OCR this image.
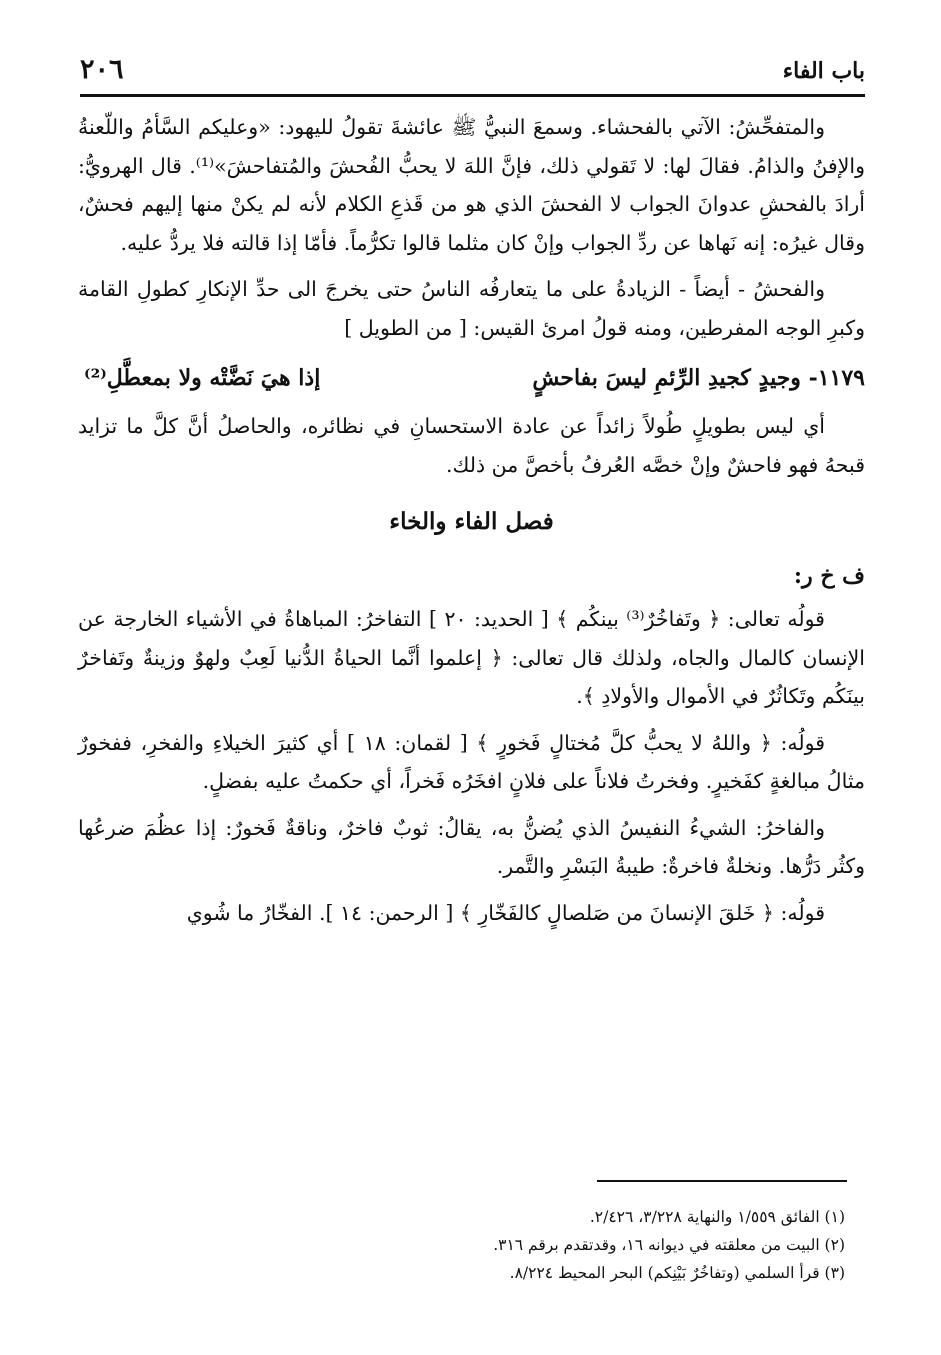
باب الفاء
٢٠٦

والمتفحِّشُ: الآتي بالفحشاء. وسمعَ النبيُّ ﷺ عائشةَ تقولُ لليهود: «وعليكم السَّأمُ واللّعنةُ والإفنُ والذامُ. فقالَ لها: لا تَقولي ذلك، فإنَّ اللهَ لا يحبُّ الفُحشَ والمُتفاحشَ»⁽¹⁾. قال الهرويُّ: أرادَ بالفحشِ عدوانَ الجواب لا الفحشَ الذي هو من قَذعِ الكلام لأنه لم يكنْ منها إليهم فحشٌ، وقال غيرُه: إنه نَهاها عن ردِّ الجواب وإنْ كان مثلما قالوا تكرُّماً. فأمّا إذا قالته فلا يردُّ عليه.

والفحشُ - أيضاً - الزيادةُ على ما يتعارفُه الناسُ حتى يخرجَ الى حدِّ الإنكارِ كطولِ القامة وكبرِ الوجه المفرطين، ومنه قولُ امرئ القيس: [ من الطويل ]

١١٧٩- وجيدٍ كجيدِ الرِّئمِ ليسَ بفاحشٍ
إذا هيَ نَضَّتْه ولا بمعطَّلِ⁽²⁾

أي ليس بطويلٍ طُولاً زائداً عن عادة الاستحسانِ في نظائره، والحاصلُ أنَّ كلَّ ما تزايد قبحهُ فهو فاحشٌ وإنْ خصَّه العُرفُ بأخصَّ من ذلك.

فصل الفاء والخاء
ف خ ر:

قولُه تعالى: ﴿ وتَفاخُرٌ⁽³⁾ بينكُم ﴾ [ الحديد: ٢٠ ] التفاخرُ: المباهاةُ في الأشياء الخارجة عن الإنسان كالمال والجاه، ولذلك قال تعالى: ﴿ إعلموا أنَّما الحياةُ الدُّنيا لَعِبٌ ولهوٌ وزينةٌ وتَفاخرٌ بينَكُم وتَكاثُرٌ في الأموال والأولادِ ﴾.

قولُه: ﴿ واللهُ لا يحبُّ كلَّ مُختالٍ فَخورٍ ﴾ [ لقمان: ١٨ ] أي كثيرَ الخيلاءِ والفخرِ، ففخورٌ مثالُ مبالغةٍ كفَخيرٍ. وفخرتُ فلاناً على فلانٍ افخَرُه فَخراً، أي حكمتُ عليه بفضلٍ.

والفاخرُ: الشيءُ النفيسُ الذي يُضنُّ به، يقالُ: ثوبٌ فاخرٌ، وناقةٌ فَخورٌ: إذا عظُمَ ضرعُها وكثُر دَرُّها. ونخلةٌ فاخرةٌ: طيبةُ البَسْرِ والتَّمر.

قولُه: ﴿ خَلقَ الإنسانَ من صَلصالٍ كالفَخّارِ ﴾ [ الرحمن: ١٤ ]. الفخّارُ ما شُوي

(١) الفائق ١/٥٥٩ والنهاية ٣/٢٢٨، ٢/٤٢٦.
(٢) البيت من معلقته في ديوانه ١٦، وقدتقدم برقم ٣١٦.
(٣) قرأ السلمي (وتفاخُرٌ بَيْنِكم) البحر المحيط ٨/٢٢٤.
